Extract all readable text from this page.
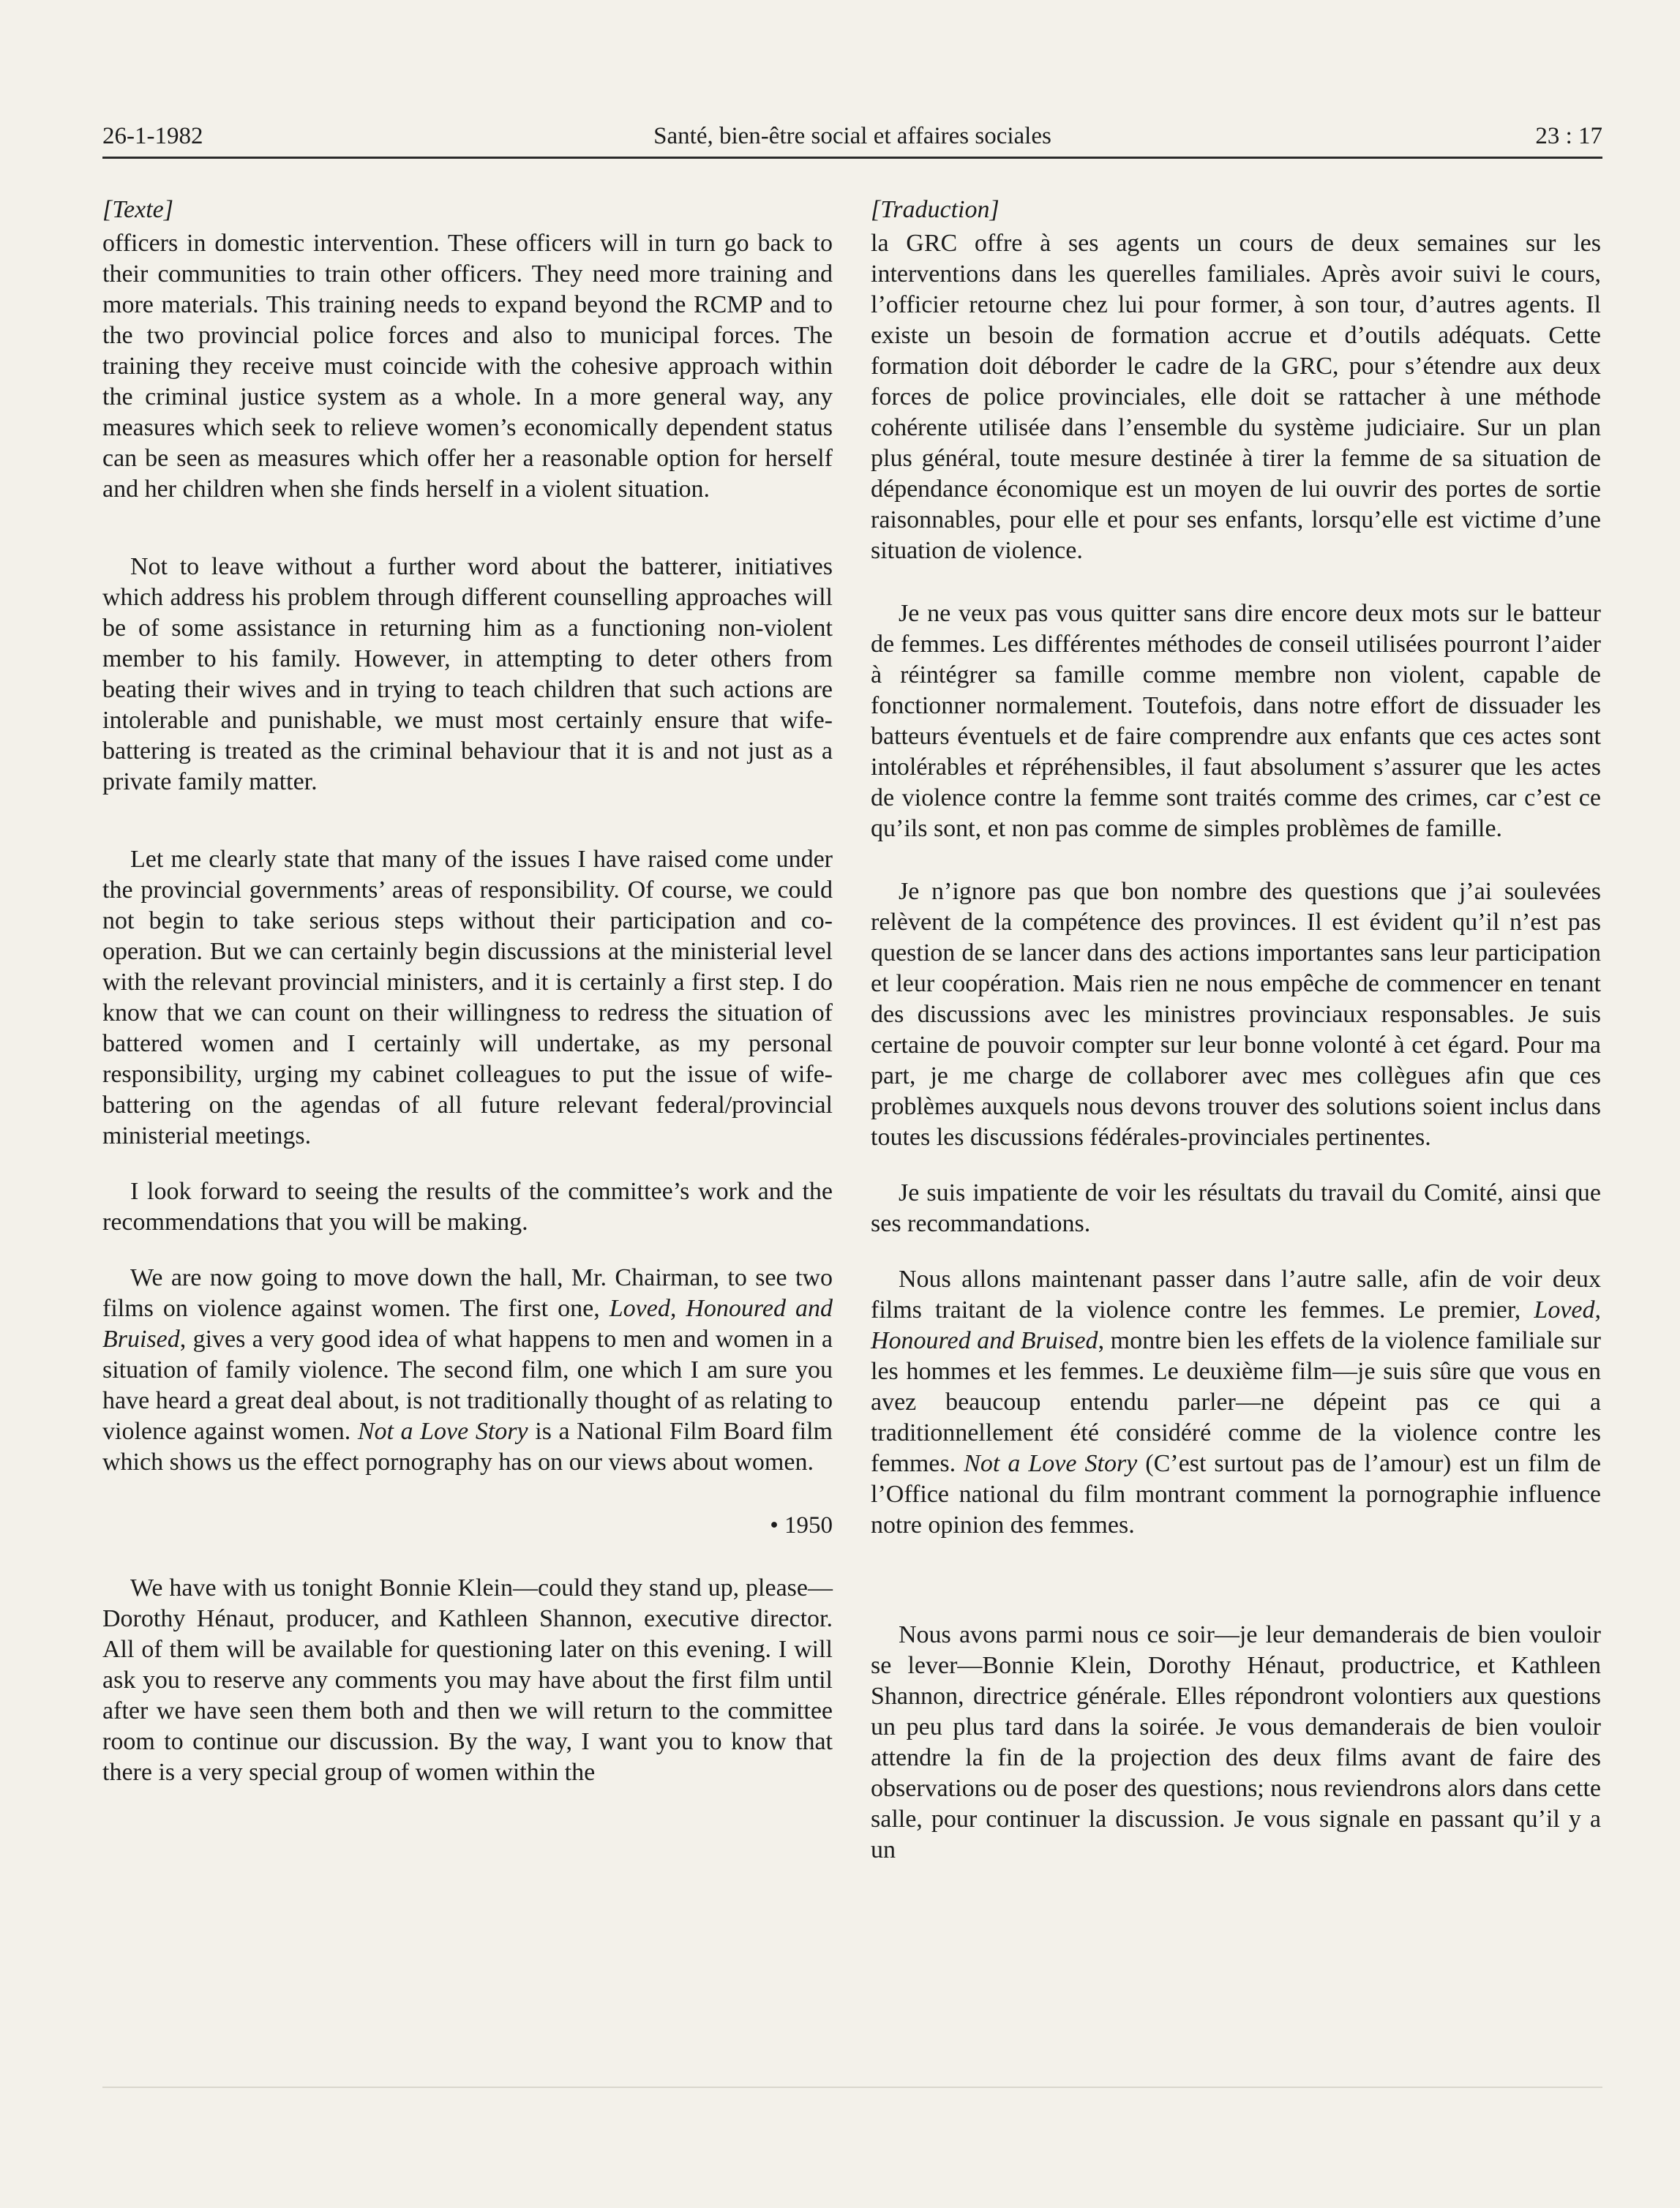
26-1-1982	Santé, bien-être social et affaires sociales	23 : 17
[Texte]

officers in domestic intervention. These officers will in turn go back to their communities to train other officers. They need more training and more materials. This training needs to expand beyond the RCMP and to the two provincial police forces and also to municipal forces. The training they receive must coincide with the cohesive approach within the criminal justice system as a whole. In a more general way, any measures which seek to relieve women’s economically dependent status can be seen as measures which offer her a reasonable option for herself and her children when she finds herself in a violent situation.

Not to leave without a further word about the batterer, initiatives which address his problem through different counselling approaches will be of some assistance in returning him as a functioning non-violent member to his family. However, in attempting to deter others from beating their wives and in trying to teach children that such actions are intolerable and punishable, we must most certainly ensure that wife-battering is treated as the criminal behaviour that it is and not just as a private family matter.

Let me clearly state that many of the issues I have raised come under the provincial governments’ areas of responsibility. Of course, we could not begin to take serious steps without their participation and co-operation. But we can certainly begin discussions at the ministerial level with the relevant provincial ministers, and it is certainly a first step. I do know that we can count on their willingness to redress the situation of battered women and I certainly will undertake, as my personal responsibility, urging my cabinet colleagues to put the issue of wife-battering on the agendas of all future relevant federal/provincial ministerial meetings.

I look forward to seeing the results of the committee’s work and the recommendations that you will be making.

We are now going to move down the hall, Mr. Chairman, to see two films on violence against women. The first one, Loved, Honoured and Bruised, gives a very good idea of what happens to men and women in a situation of family violence. The second film, one which I am sure you have heard a great deal about, is not traditionally thought of as relating to violence against women. Not a Love Story is a National Film Board film which shows us the effect pornography has on our views about women.

• 1950

We have with us tonight Bonnie Klein—could they stand up, please—Dorothy Hénaut, producer, and Kathleen Shannon, executive director. All of them will be available for questioning later on this evening. I will ask you to reserve any comments you may have about the first film until after we have seen them both and then we will return to the committee room to continue our discussion. By the way, I want you to know that there is a very special group of women within the

[Traduction]

la GRC offre à ses agents un cours de deux semaines sur les interventions dans les querelles familiales. Après avoir suivi le cours, l’officier retourne chez lui pour former, à son tour, d’autres agents. Il existe un besoin de formation accrue et d’outils adéquats. Cette formation doit déborder le cadre de la GRC, pour s’étendre aux deux forces de police provinciales, elle doit se rattacher à une méthode cohérente utilisée dans l’ensemble du système judiciaire. Sur un plan plus général, toute mesure destinée à tirer la femme de sa situation de dépendance économique est un moyen de lui ouvrir des portes de sortie raisonnables, pour elle et pour ses enfants, lorsqu’elle est victime d’une situation de violence.

Je ne veux pas vous quitter sans dire encore deux mots sur le batteur de femmes. Les différentes méthodes de conseil utilisées pourront l’aider à réintégrer sa famille comme membre non violent, capable de fonctionner normalement. Toutefois, dans notre effort de dissuader les batteurs éventuels et de faire comprendre aux enfants que ces actes sont intolérables et répréhensibles, il faut absolument s’assurer que les actes de violence contre la femme sont traités comme des crimes, car c’est ce qu’ils sont, et non pas comme de simples problèmes de famille.

Je n’ignore pas que bon nombre des questions que j’ai soulevées relèvent de la compétence des provinces. Il est évident qu’il n’est pas question de se lancer dans des actions importantes sans leur participation et leur coopération. Mais rien ne nous empêche de commencer en tenant des discussions avec les ministres provinciaux responsables. Je suis certaine de pouvoir compter sur leur bonne volonté à cet égard. Pour ma part, je me charge de collaborer avec mes collègues afin que ces problèmes auxquels nous devons trouver des solutions soient inclus dans toutes les discussions fédérales-provinciales pertinentes.

Je suis impatiente de voir les résultats du travail du Comité, ainsi que ses recommandations.

Nous allons maintenant passer dans l’autre salle, afin de voir deux films traitant de la violence contre les femmes. Le premier, Loved, Honoured and Bruised, montre bien les effets de la violence familiale sur les hommes et les femmes. Le deuxième film—je suis sûre que vous en avez beaucoup entendu parler—ne dépeint pas ce qui a traditionnellement été considéré comme de la violence contre les femmes. Not a Love Story (C’est surtout pas de l’amour) est un film de l’Office national du film montrant comment la pornographie influence notre opinion des femmes.

Nous avons parmi nous ce soir—je leur demanderais de bien vouloir se lever—Bonnie Klein, Dorothy Hénaut, productrice, et Kathleen Shannon, directrice générale. Elles répondront volontiers aux questions un peu plus tard dans la soirée. Je vous demanderais de bien vouloir attendre la fin de la projection des deux films avant de faire des observations ou de poser des questions; nous reviendrons alors dans cette salle, pour continuer la discussion. Je vous signale en passant qu’il y a un
